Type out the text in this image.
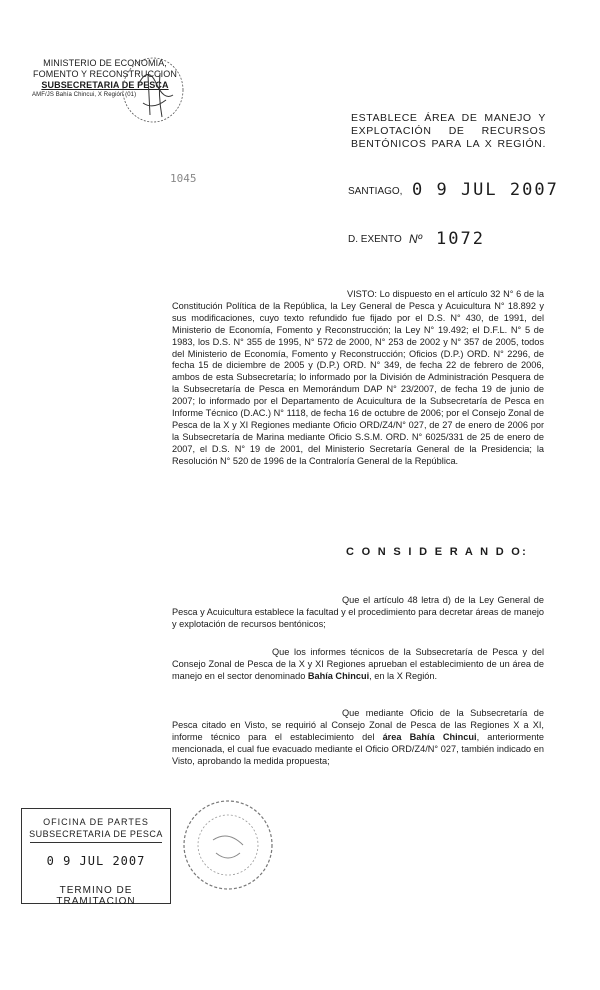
MINISTERIO DE ECONOMIA,
FOMENTO Y RECONSTRUCCION
SUBSECRETARIA DE PESCA
AMF/JS Bahía Chincui, X Región (01)
1045
ESTABLECE ÁREA DE MANEJO Y EXPLOTACIÓN DE RECURSOS BENTÓNICOS PARA LA X REGIÓN.
SANTIAGO, 0 9 JUL 2007
D. EXENTO Nº 1072
VISTO: Lo dispuesto en el artículo 32 N° 6 de la Constitución Política de la República, la Ley General de Pesca y Acuicultura N° 18.892 y sus modificaciones, cuyo texto refundido fue fijado por el D.S. N° 430, de 1991, del Ministerio de Economía, Fomento y Reconstrucción; la Ley N° 19.492; el D.F.L. N° 5 de 1983, los D.S. N° 355 de 1995, N° 572 de 2000, N° 253 de 2002 y N° 357 de 2005, todos del Ministerio de Economía, Fomento y Reconstrucción; Oficios (D.P.) ORD. N° 2296, de fecha 15 de diciembre de 2005 y (D.P.) ORD. N° 349, de fecha 22 de febrero de 2006, ambos de esta Subsecretaría; lo informado por la División de Administración Pesquera de la Subsecretaría de Pesca en Memorándum DAP N° 23/2007, de fecha 19 de junio de 2007; lo informado por el Departamento de Acuicultura de la Subsecretaría de Pesca en Informe Técnico (D.AC.) N° 1118, de fecha 16 de octubre de 2006; por el Consejo Zonal de Pesca de la X y XI Regiones mediante Oficio ORD/Z4/N° 027, de 27 de enero de 2006 por la Subsecretaría de Marina mediante Oficio S.S.M. ORD. N° 6025/331 de 25 de enero de 2007, el D.S. N° 19 de 2001, del Ministerio Secretaría General de la Presidencia; la Resolución N° 520 de 1996 de la Contraloría General de la República.
C O N S I D E R A N D O:
Que el artículo 48 letra d) de la Ley General de Pesca y Acuicultura establece la facultad y el procedimiento para decretar áreas de manejo y explotación de recursos bentónicos;
Que los informes técnicos de la Subsecretaría de Pesca y del Consejo Zonal de Pesca de la X y XI Regiones aprueban el establecimiento de un área de manejo en el sector denominado Bahía Chincui, en la X Región.
Que mediante Oficio de la Subsecretaría de Pesca citado en Visto, se requirió al Consejo Zonal de Pesca de las Regiones X a XI, informe técnico para el establecimiento del área Bahía Chincui, anteriormente mencionada, el cual fue evacuado mediante el Oficio ORD/Z4/N° 027, también indicado en Visto, aprobando la medida propuesta;
OFICINA DE PARTES
SUBSECRETARIA DE PESCA
0 9 JUL 2007
TERMINO DE TRAMITACION
